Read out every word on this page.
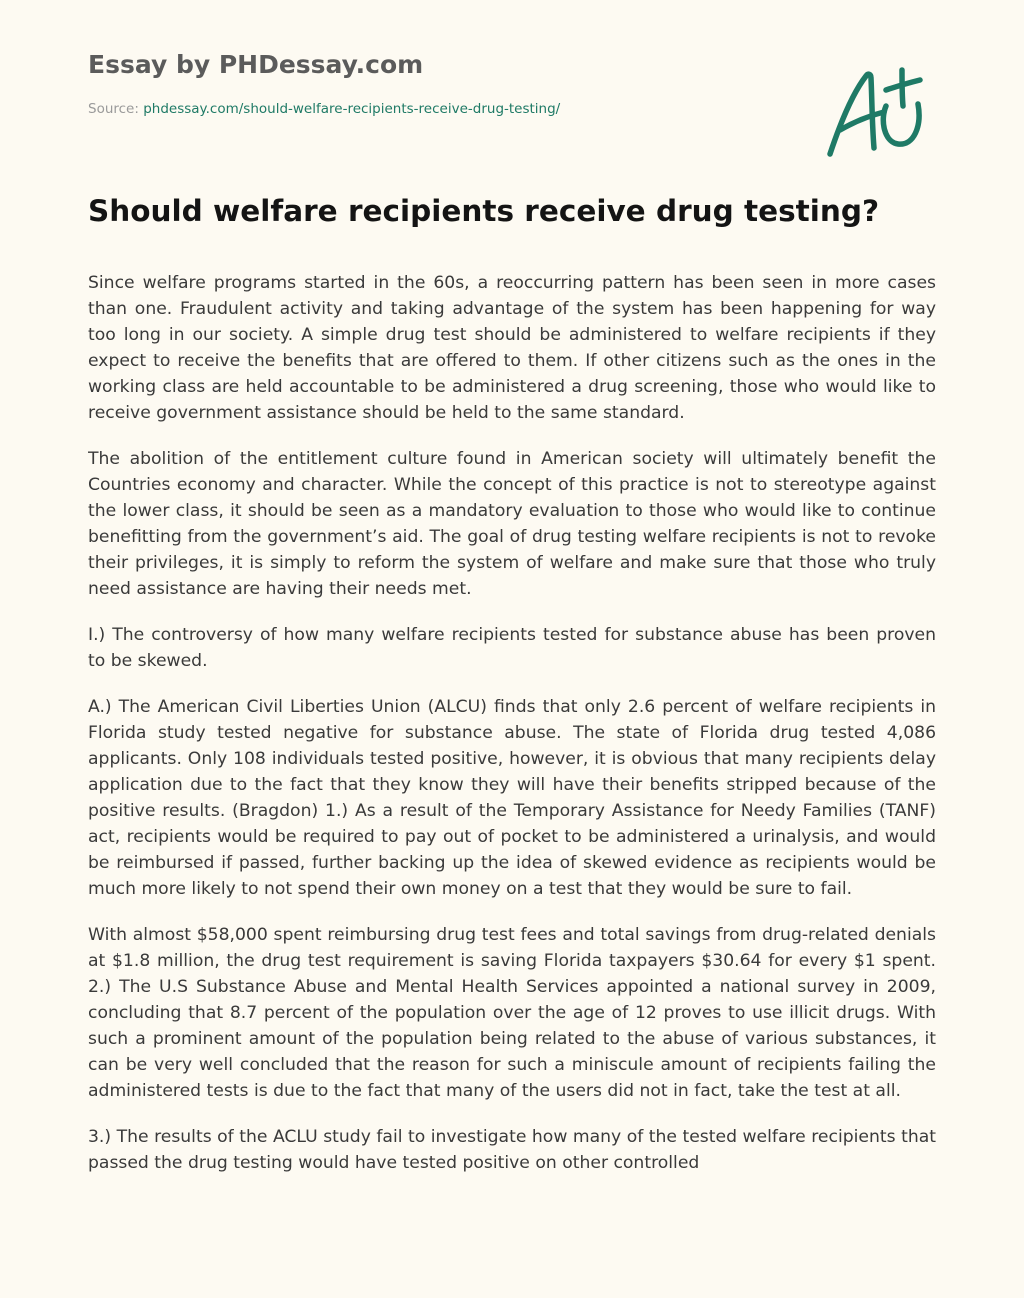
Essay by PHDessay.com
Source: phdessay.com/should-welfare-recipients-receive-drug-testing/
Should welfare recipients receive drug testing?

Since welfare programs started in the 60s, a reoccurring pattern has been seen in more cases than one. Fraudulent activity and taking advantage of the system has been happening for way too long in our society. A simple drug test should be administered to welfare recipients if they expect to receive the benefits that are offered to them. If other citizens such as the ones in the working class are held accountable to be administered a drug screening, those who would like to receive government assistance should be held to the same standard.

The abolition of the entitlement culture found in American society will ultimately benefit the Countries economy and character. While the concept of this practice is not to stereotype against the lower class, it should be seen as a mandatory evaluation to those who would like to continue benefitting from the government’s aid. The goal of drug testing welfare recipients is not to revoke their privileges, it is simply to reform the system of welfare and make sure that those who truly need assistance are having their needs met.

I.) The controversy of how many welfare recipients tested for substance abuse has been proven to be skewed.

A.) The American Civil Liberties Union (ALCU) finds that only 2.6 percent of welfare recipients in Florida study tested negative for substance abuse. The state of Florida drug tested 4,086 applicants. Only 108 individuals tested positive, however, it is obvious that many recipients delay application due to the fact that they know they will have their benefits stripped because of the positive results. (Bragdon) 1.) As a result of the Temporary Assistance for Needy Families (TANF) act, recipients would be required to pay out of pocket to be administered a urinalysis, and would be reimbursed if passed, further backing up the idea of skewed evidence as recipients would be much more likely to not spend their own money on a test that they would be sure to fail.

With almost $58,000 spent reimbursing drug test fees and total savings from drug-related denials at $1.8 million, the drug test requirement is saving Florida taxpayers $30.64 for every $1 spent. 2.) The U.S Substance Abuse and Mental Health Services appointed a national survey in 2009, concluding that 8.7 percent of the population over the age of 12 proves to use illicit drugs. With such a prominent amount of the population being related to the abuse of various substances, it can be very well concluded that the reason for such a miniscule amount of recipients failing the administered tests is due to the fact that many of the users did not in fact, take the test at all.

3.) The results of the ACLU study fail to investigate how many of the tested welfare recipients that passed the drug testing would have tested positive on other controlled
